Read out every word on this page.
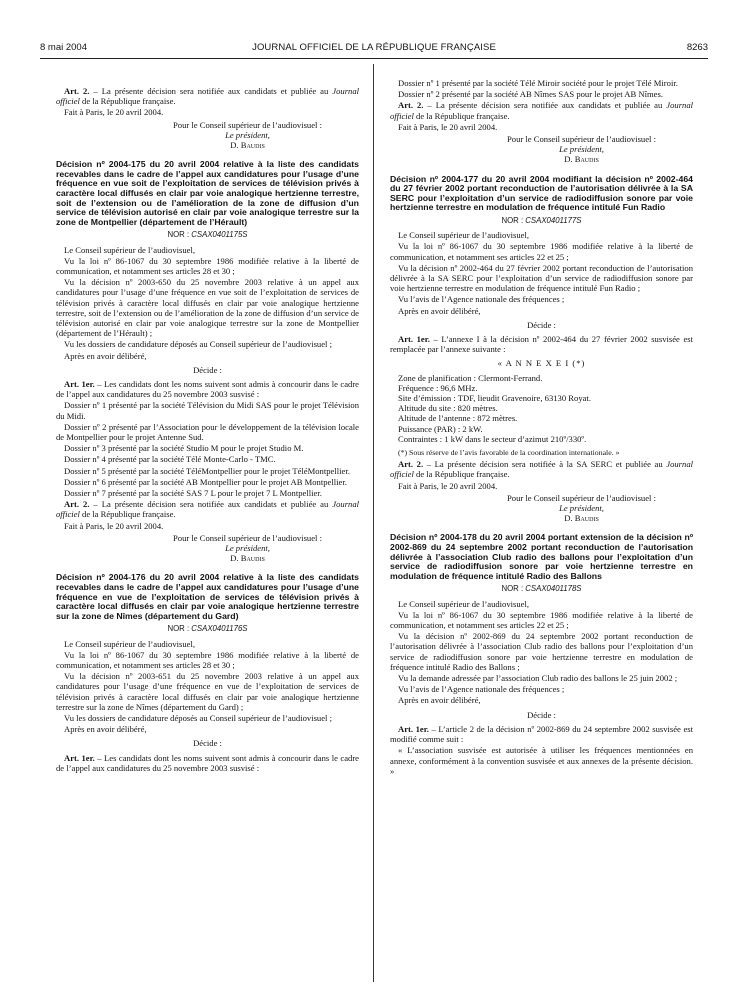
8 mai 2004	JOURNAL OFFICIEL DE LA RÉPUBLIQUE FRANÇAISE	8263

Art. 2. – La présente décision sera notifiée aux candidats et publiée au Journal officiel de la République française.

Fait à Paris, le 20 avril 2004.

Pour le Conseil supérieur de l’audiovisuel :

Le président,

D. Baudis

Décision nº 2004-175 du 20 avril 2004 relative à la liste des candidats recevables dans le cadre de l’appel aux candidatures pour l’usage d’une fréquence en vue soit de l’exploitation de services de télévision privés à caractère local diffusés en clair par voie analogique hertzienne terrestre, soit de l’extension ou de l’amélioration de la zone de diffusion d’un service de télévision autorisé en clair par voie analogique terrestre sur la zone de Montpellier (département de l’Hérault)
NOR : CSAX0401175S

Le Conseil supérieur de l’audiovisuel,

Vu la loi nº 86-1067 du 30 septembre 1986 modifiée relative à la liberté de communication, et notamment ses articles 28 et 30 ;

Vu la décision nº 2003-650 du 25 novembre 2003 relative à un appel aux candidatures pour l’usage d’une fréquence en vue soit de l’exploitation de services de télévision privés à caractère local diffusés en clair par voie analogique hertzienne terrestre, soit de l’extension ou de l’amélioration de la zone de diffusion d’un service de télévision autorisé en clair par voie analogique terrestre sur la zone de Montpellier (département de l’Hérault) ;

Vu les dossiers de candidature déposés au Conseil supérieur de l’audiovisuel ;

Après en avoir délibéré,

Décide :

Art. 1er. – Les candidats dont les noms suivent sont admis à concourir dans le cadre de l’appel aux candidatures du 25 novembre 2003 susvisé :

Dossier nº 1 présenté par la société Télévision du Midi SAS pour le projet Télévision du Midi.

Dossier nº 2 présenté par l’Association pour le développement de la télévision locale de Montpellier pour le projet Antenne Sud.

Dossier nº 3 présenté par la société Studio M pour le projet Studio M.

Dossier nº 4 présenté par la société Télé Monte-Carlo - TMC.

Dossier nº 5 présenté par la société TéléMontpellier pour le projet TéléMontpellier.

Dossier nº 6 présenté par la société AB Montpellier pour le projet AB Montpellier.

Dossier nº 7 présenté par la société SAS 7 L pour le projet 7 L Montpellier.

Art. 2. – La présente décision sera notifiée aux candidats et publiée au Journal officiel de la République française.

Fait à Paris, le 20 avril 2004.

Pour le Conseil supérieur de l’audiovisuel :

Le président,

D. Baudis

Décision nº 2004-176 du 20 avril 2004 relative à la liste des candidats recevables dans le cadre de l’appel aux candidatures pour l’usage d’une fréquence en vue de l’exploitation de services de télévision privés à caractère local diffusés en clair par voie analogique hertzienne terrestre sur la zone de Nîmes (département du Gard)
NOR : CSAX0401176S

Le Conseil supérieur de l’audiovisuel,

Vu la loi nº 86-1067 du 30 septembre 1986 modifiée relative à la liberté de communication, et notamment ses articles 28 et 30 ;

Vu la décision nº 2003-651 du 25 novembre 2003 relative à un appel aux candidatures pour l’usage d’une fréquence en vue de l’exploitation de services de télévision privés à caractère local diffusés en clair par voie analogique hertzienne terrestre sur la zone de Nîmes (département du Gard) ;

Vu les dossiers de candidature déposés au Conseil supérieur de l’audiovisuel ;

Après en avoir délibéré,

Décide :

Art. 1er. – Les candidats dont les noms suivent sont admis à concourir dans le cadre de l’appel aux candidatures du 25 novembre 2003 susvisé :

Dossier nº 1 présenté par la société Télé Miroir société pour le projet Télé Miroir.

Dossier nº 2 présenté par la société AB Nîmes SAS pour le projet AB Nîmes.

Art. 2. – La présente décision sera notifiée aux candidats et publiée au Journal officiel de la République française.

Fait à Paris, le 20 avril 2004.

Pour le Conseil supérieur de l’audiovisuel :

Le président,

D. Baudis

Décision nº 2004-177 du 20 avril 2004 modifiant la décision nº 2002-464 du 27 février 2002 portant reconduction de l’autorisation délivrée à la SA SERC pour l’exploitation d’un service de radiodiffusion sonore par voie hertzienne terrestre en modulation de fréquence intitulé Fun Radio
NOR : CSAX0401177S

Le Conseil supérieur de l’audiovisuel,

Vu la loi nº 86-1067 du 30 septembre 1986 modifiée relative à la liberté de communication, et notamment ses articles 22 et 25 ;

Vu la décision nº 2002-464 du 27 février 2002 portant reconduction de l’autorisation délivrée à la SA SERC pour l’exploitation d’un service de radiodiffusion sonore par voie hertzienne terrestre en modulation de fréquence intitulé Fun Radio ;

Vu l’avis de l’Agence nationale des fréquences ;

Après en avoir délibéré,

Décide :

Art. 1er. – L’annexe I à la décision nº 2002-464 du 27 février 2002 susvisée est remplacée par l’annexe suivante :

« A N N E X E I (*)

Zone de planification : Clermont-Ferrand.

Fréquence : 96,6 MHz.

Site d’émission : TDF, lieudit Gravenoire, 63130 Royat.

Altitude du site : 820 mètres.

Altitude de l’antenne : 872 mètres.

Puissance (PAR) : 2 kW.

Contraintes : 1 kW dans le secteur d’azimut 210º/330º.

(*) Sous réserve de l’avis favorable de la coordination internationale. »

Art. 2. – La présente décision sera notifiée à la SA SERC et publiée au Journal officiel de la République française.

Fait à Paris, le 20 avril 2004.

Pour le Conseil supérieur de l’audiovisuel :

Le président,

D. Baudis

Décision nº 2004-178 du 20 avril 2004 portant extension de la décision nº 2002-869 du 24 septembre 2002 portant reconduction de l’autorisation délivrée à l’association Club radio des ballons pour l’exploitation d’un service de radiodiffusion sonore par voie hertzienne terrestre en modulation de fréquence intitulé Radio des Ballons
NOR : CSAX0401178S

Le Conseil supérieur de l’audiovisuel,

Vu la loi nº 86-1067 du 30 septembre 1986 modifiée relative à la liberté de communication, et notamment ses articles 22 et 25 ;

Vu la décision nº 2002-869 du 24 septembre 2002 portant reconduction de l’autorisation délivrée à l’association Club radio des ballons pour l’exploitation d’un service de radiodiffusion sonore par voie hertzienne terrestre en modulation de fréquence intitulé Radio des Ballons ;

Vu la demande adressée par l’association Club radio des ballons le 25 juin 2002 ;

Vu l’avis de l’Agence nationale des fréquences ;

Après en avoir délibéré,

Décide :

Art. 1er. – L’article 2 de la décision nº 2002-869 du 24 septembre 2002 susvisée est modifié comme suit :

« L’association susvisée est autorisée à utiliser les fréquences mentionnées en annexe, conformément à la convention susvisée et aux annexes de la présente décision. »
